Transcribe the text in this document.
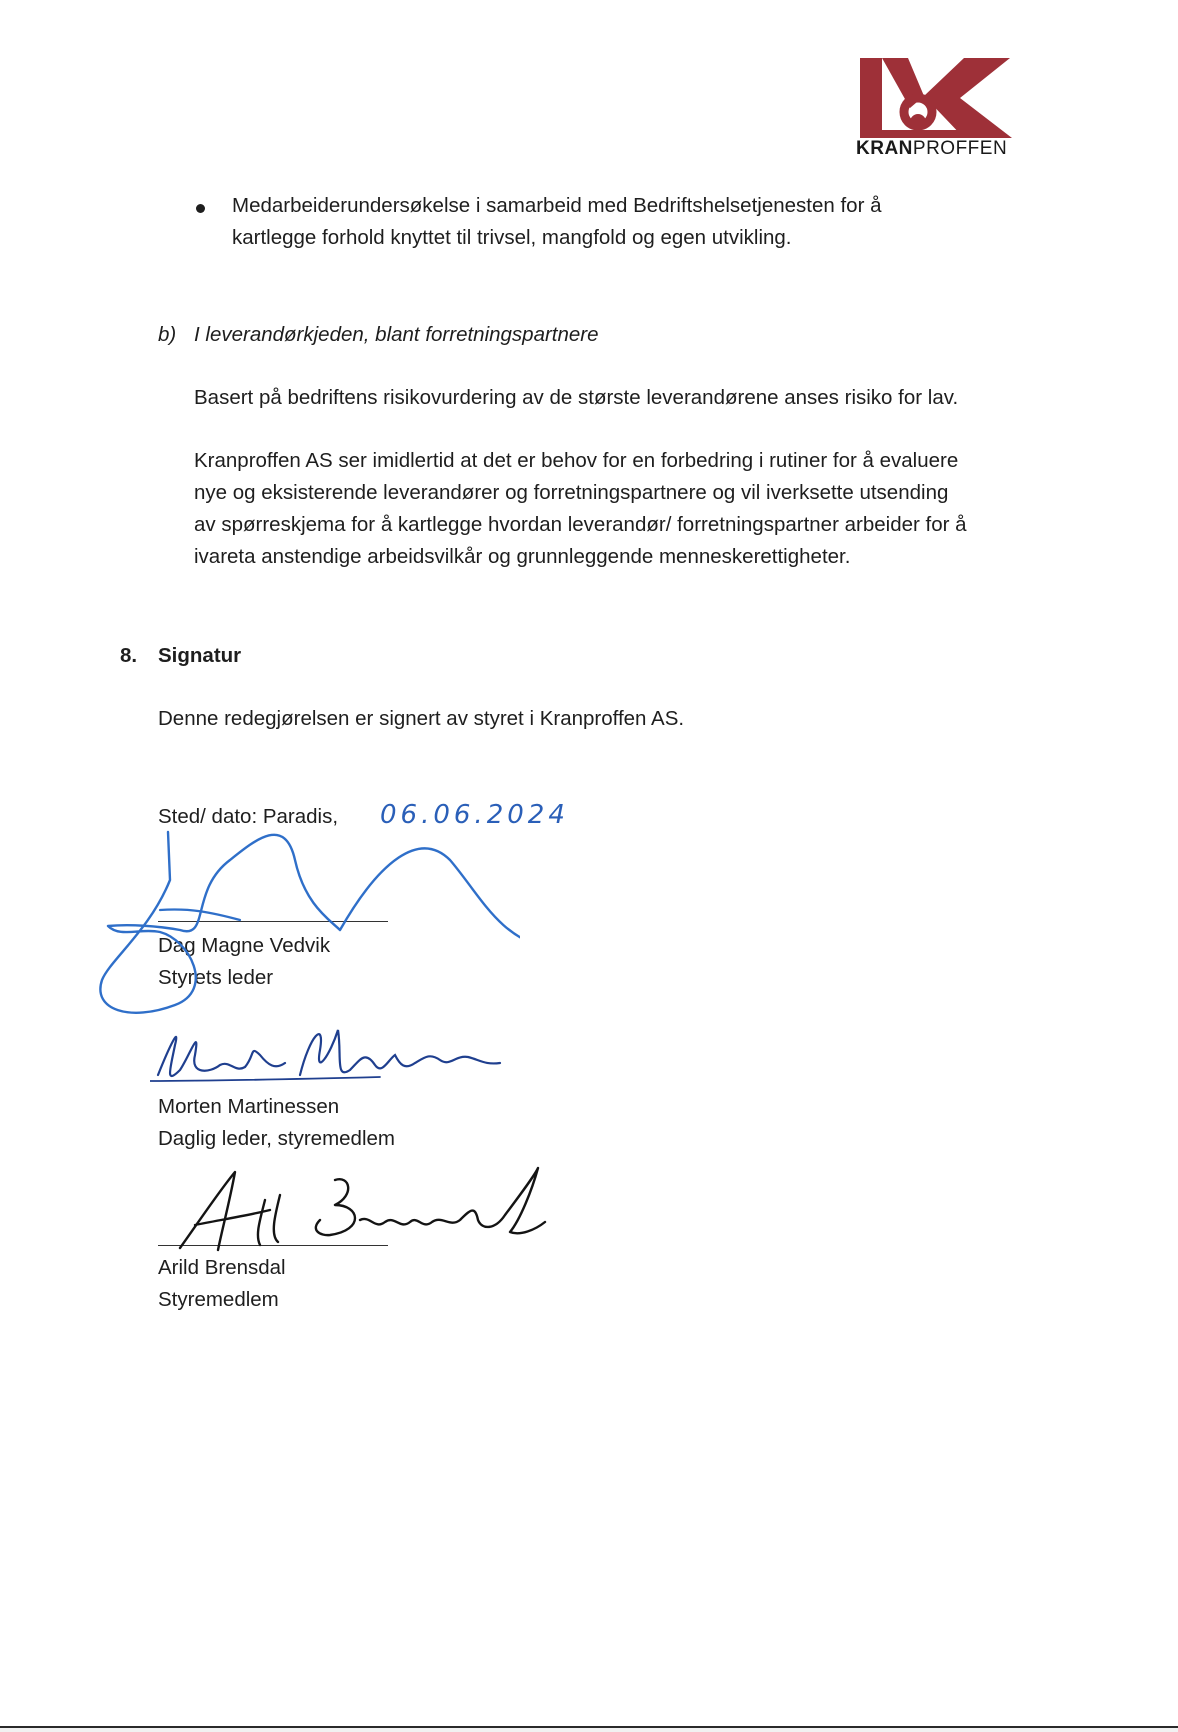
KRANPROFFEN
Medarbeiderundersøkelse i samarbeid med Bedriftshelsetjenesten for å
kartlegge forhold knyttet til trivsel, mangfold og egen utvikling.
b) I leverandørkjeden, blant forretningspartnere
Basert på bedriftens risikovurdering av de største leverandørene anses risiko for lav.
Kranproffen AS ser imidlertid at det er behov for en forbedring i rutiner for å evaluere
nye og eksisterende leverandører og forretningspartnere og vil iverksette utsending
av spørreskjema for å kartlegge hvordan leverandør/ forretningspartner arbeider for å
ivareta anstendige arbeidsvilkår og grunnleggende menneskerettigheter.
8. Signatur
Denne redegjørelsen er signert av styret i Kranproffen AS.
Sted/ dato: Paradis, 06.06.2024
Dag Magne Vedvik
Styrets leder
Morten Martinessen
Daglig leder, styremedlem
Arild Brensdal
Styremedlem
